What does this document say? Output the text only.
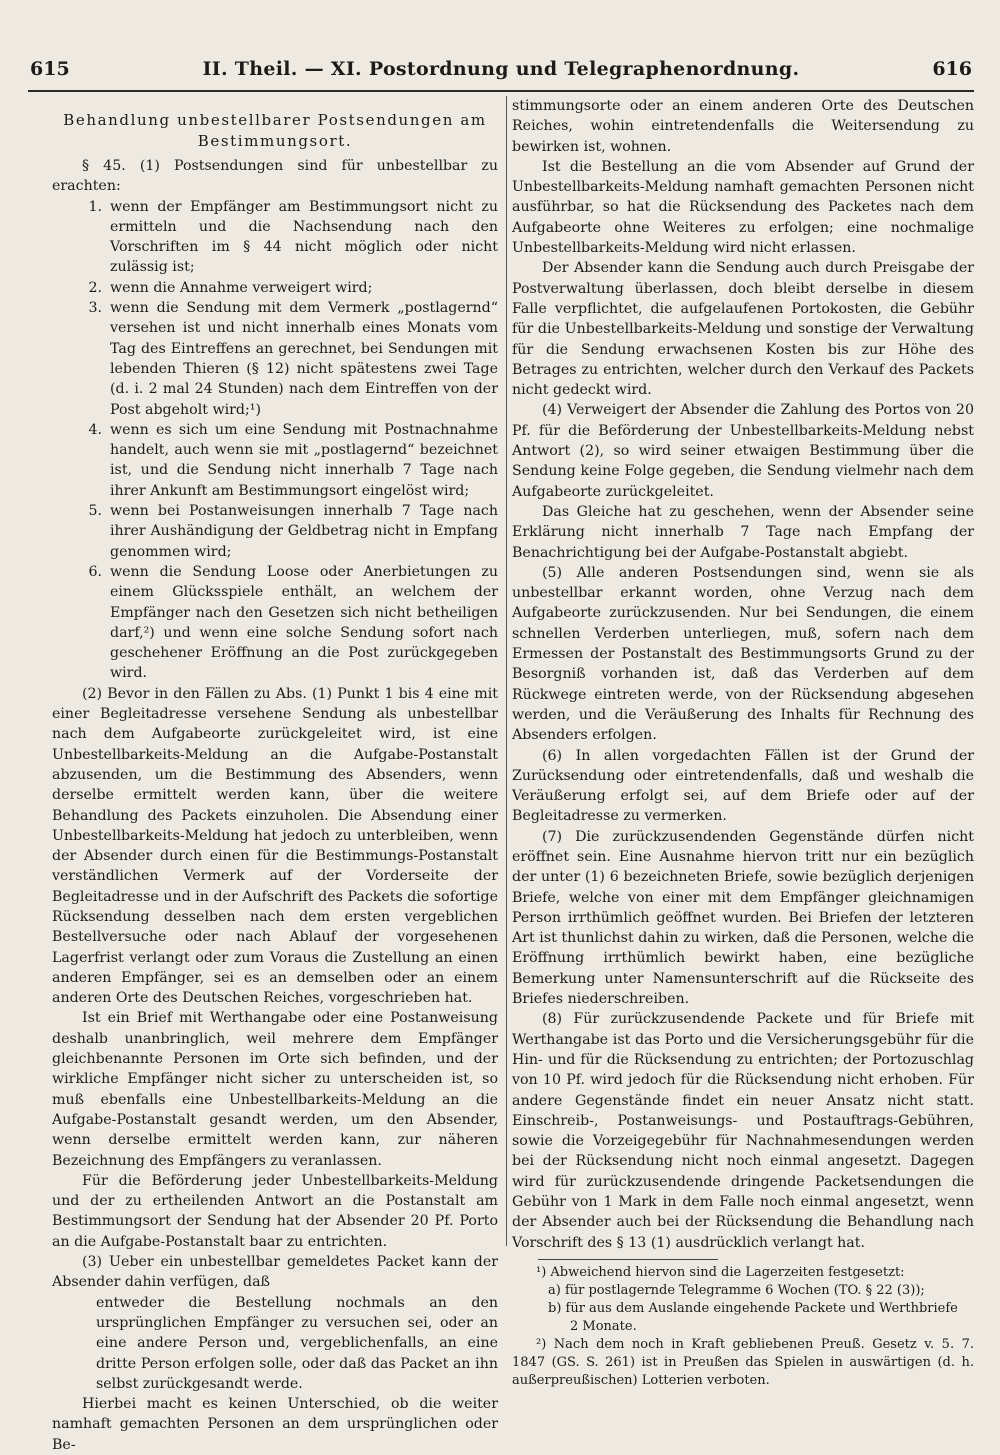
615	II. Theil. — XI. Postordnung und Telegraphenordnung.	616
Behandlung unbestellbarer Postsendungen am Bestimmungsort.

§ 45. (1) Postsendungen sind für unbestellbar zu erachten:

1. wenn der Empfänger am Bestimmungsort nicht zu ermitteln und die Nachsendung nach den Vorschriften im § 44 nicht möglich oder nicht zulässig ist;
2. wenn die Annahme verweigert wird;
3. wenn die Sendung mit dem Vermerk „postlagernd“ versehen ist und nicht innerhalb eines Monats vom Tag des Eintreffens an gerechnet, bei Sendungen mit lebenden Thieren (§ 12) nicht spätestens zwei Tage (d. i. 2 mal 24 Stunden) nach dem Eintreffen von der Post abgeholt wird;¹)
4. wenn es sich um eine Sendung mit Postnachnahme handelt, auch wenn sie mit „postlagernd“ bezeichnet ist, und die Sendung nicht innerhalb 7 Tage nach ihrer Ankunft am Bestimmungsort eingelöst wird;
5. wenn bei Postanweisungen innerhalb 7 Tage nach ihrer Aushändigung der Geldbetrag nicht in Empfang genommen wird;
6. wenn die Sendung Loose oder Anerbietungen zu einem Glücksspiele enthält, an welchem der Empfänger nach den Gesetzen sich nicht betheiligen darf,²) und wenn eine solche Sendung sofort nach geschehener Eröffnung an die Post zurückgegeben wird.

(2) Bevor in den Fällen zu Abs. (1) Punkt 1 bis 4 eine mit einer Begleitadresse versehene Sendung als unbestellbar nach dem Aufgabeorte zurückgeleitet wird, ist eine Unbestellbarkeits-Meldung an die Aufgabe-Postanstalt abzusenden, um die Bestimmung des Absenders, wenn derselbe ermittelt werden kann, über die weitere Behandlung des Packets einzuholen. Die Absendung einer Unbestellbarkeits-Meldung hat jedoch zu unterbleiben, wenn der Absender durch einen für die Bestimmungs-Postanstalt verständlichen Vermerk auf der Vorderseite der Begleitadresse und in der Aufschrift des Packets die sofortige Rücksendung desselben nach dem ersten vergeblichen Bestellversuche oder nach Ablauf der vorgesehenen Lagerfrist verlangt oder zum Voraus die Zustellung an einen anderen Empfänger, sei es an demselben oder an einem anderen Orte des Deutschen Reiches, vorgeschrieben hat.

Ist ein Brief mit Werthangabe oder eine Postanweisung deshalb unanbringlich, weil mehrere dem Empfänger gleichbenannte Personen im Orte sich befinden, und der wirkliche Empfänger nicht sicher zu unterscheiden ist, so muß ebenfalls eine Unbestellbarkeits-Meldung an die Aufgabe-Postanstalt gesandt werden, um den Absender, wenn derselbe ermittelt werden kann, zur näheren Bezeichnung des Empfängers zu veranlassen.

Für die Beförderung jeder Unbestellbarkeits-Meldung und der zu ertheilenden Antwort an die Postanstalt am Bestimmungsort der Sendung hat der Absender 20 Pf. Porto an die Aufgabe-Postanstalt baar zu entrichten.

(3) Ueber ein unbestellbar gemeldetes Packet kann der Absender dahin verfügen, daß

entweder die Bestellung nochmals an den ursprünglichen Empfänger zu versuchen sei, oder an eine andere Person und, vergeblichenfalls, an eine dritte Person erfolgen solle, oder daß das Packet an ihn selbst zurückgesandt werde.

Hierbei macht es keinen Unterschied, ob die weiter namhaft gemachten Personen an dem ursprünglichen oder Be-

stimmungsorte oder an einem anderen Orte des Deutschen Reiches, wohin eintretendenfalls die Weitersendung zu bewirken ist, wohnen.

Ist die Bestellung an die vom Absender auf Grund der Unbestellbarkeits-Meldung namhaft gemachten Personen nicht ausführbar, so hat die Rücksendung des Packetes nach dem Aufgabeorte ohne Weiteres zu erfolgen; eine nochmalige Unbestellbarkeits-Meldung wird nicht erlassen.

Der Absender kann die Sendung auch durch Preisgabe der Postverwaltung überlassen, doch bleibt derselbe in diesem Falle verpflichtet, die aufgelaufenen Portokosten, die Gebühr für die Unbestellbarkeits-Meldung und sonstige der Verwaltung für die Sendung erwachsenen Kosten bis zur Höhe des Betrages zu entrichten, welcher durch den Verkauf des Packets nicht gedeckt wird.

(4) Verweigert der Absender die Zahlung des Portos von 20 Pf. für die Beförderung der Unbestellbarkeits-Meldung nebst Antwort (2), so wird seiner etwaigen Bestimmung über die Sendung keine Folge gegeben, die Sendung vielmehr nach dem Aufgabeorte zurückgeleitet.

Das Gleiche hat zu geschehen, wenn der Absender seine Erklärung nicht innerhalb 7 Tage nach Empfang der Benachrichtigung bei der Aufgabe-Postanstalt abgiebt.

(5) Alle anderen Postsendungen sind, wenn sie als unbestellbar erkannt worden, ohne Verzug nach dem Aufgabeorte zurückzusenden. Nur bei Sendungen, die einem schnellen Verderben unterliegen, muß, sofern nach dem Ermessen der Postanstalt des Bestimmungsorts Grund zu der Besorgniß vorhanden ist, daß das Verderben auf dem Rückwege eintreten werde, von der Rücksendung abgesehen werden, und die Veräußerung des Inhalts für Rechnung des Absenders erfolgen.

(6) In allen vorgedachten Fällen ist der Grund der Zurücksendung oder eintretendenfalls, daß und weshalb die Veräußerung erfolgt sei, auf dem Briefe oder auf der Begleitadresse zu vermerken.

(7) Die zurückzusendenden Gegenstände dürfen nicht eröffnet sein. Eine Ausnahme hiervon tritt nur ein bezüglich der unter (1) 6 bezeichneten Briefe, sowie bezüglich derjenigen Briefe, welche von einer mit dem Empfänger gleichnamigen Person irrthümlich geöffnet wurden. Bei Briefen der letzteren Art ist thunlichst dahin zu wirken, daß die Personen, welche die Eröffnung irrthümlich bewirkt haben, eine bezügliche Bemerkung unter Namensunterschrift auf die Rückseite des Briefes niederschreiben.

(8) Für zurückzusendende Packete und für Briefe mit Werthangabe ist das Porto und die Versicherungsgebühr für die Hin- und für die Rücksendung zu entrichten; der Portozuschlag von 10 Pf. wird jedoch für die Rücksendung nicht erhoben. Für andere Gegenstände findet ein neuer Ansatz nicht statt. Einschreib-, Postanweisungs- und Postauftrags-Gebühren, sowie die Vorzeigegebühr für Nachnahmesendungen werden bei der Rücksendung nicht noch einmal angesetzt. Dagegen wird für zurückzusendende dringende Packetsendungen die Gebühr von 1 Mark in dem Falle noch einmal angesetzt, wenn der Absender auch bei der Rücksendung die Behandlung nach Vorschrift des § 13 (1) ausdrücklich verlangt hat.

¹) Abweichend hiervon sind die Lagerzeiten festgesetzt:

a) für postlagernde Telegramme 6 Wochen (TO. § 22 (3));

b) für aus dem Auslande eingehende Packete und Werthbriefe

2 Monate.

²) Nach dem noch in Kraft gebliebenen Preuß. Gesetz v. 5. 7. 1847 (GS. S. 261) ist in Preußen das Spielen in auswärtigen (d. h. außerpreußischen) Lotterien verboten.
